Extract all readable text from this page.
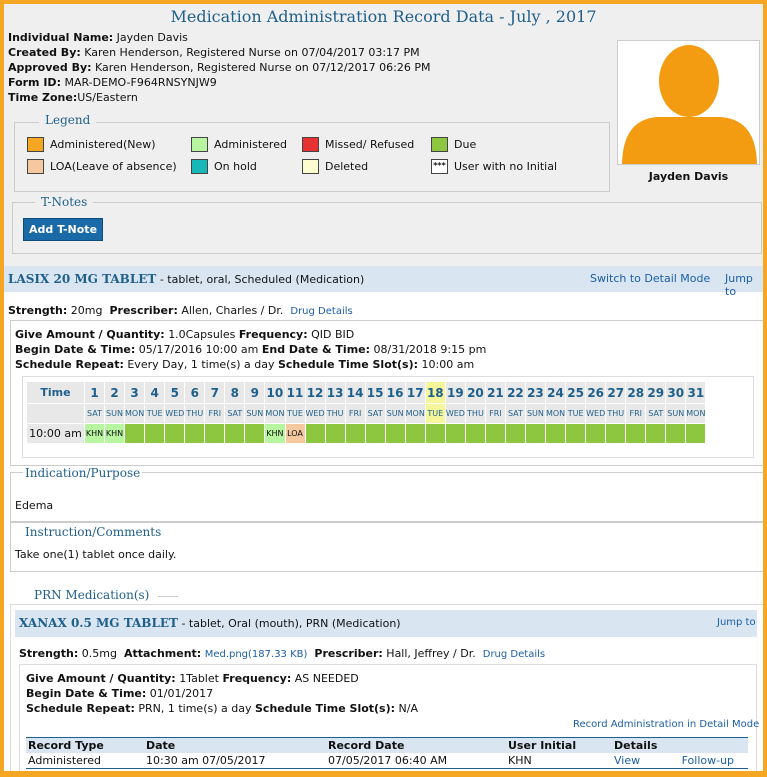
Medication Administration Record Data - July , 2017
Individual Name: Jayden Davis
Created By: Karen Henderson, Registered Nurse on 07/04/2017 03:17 PM
Approved By: Karen Henderson, Registered Nurse on 07/12/2017 06:26 PM
Form ID: MAR-DEMO-F964RNSYNJW9
Time Zone:US/Eastern
Legend
Administered(New)	Administered	Missed/ Refused	Due
LOA(Leave of absence)	On hold	Deleted	*** User with no Initial
Jayden Davis
T-Notes
Add T-Note
LASIX 20 MG TABLET - tablet, oral, Scheduled (Medication)	Switch to Detail Mode Jump to
Strength: 20mg Prescriber: Allen, Charles / Dr. Drug Details
Give Amount / Quantity: 1.0Capsules Frequency: QID BID
Begin Date & Time: 05/17/2016 10:00 am End Date & Time: 08/31/2018 9:15 pm
Schedule Repeat: Every Day, 1 time(s) a day Schedule Time Slot(s): 10:00 am
Time	1	2	3	4	5	6	7	8	9	10	11	12	13	14	15	16	17	18	19	20	21	22	23	24	25	26	27	28	29	30	31
	SAT	SUN	MON	TUE	WED	THU	FRI	SAT	SUN	MON	TUE	WED	THU	FRI	SAT	SUN	MON	TUE	WED	THU	FRI	SAT	SUN	MON	TUE	WED	THU	FRI	SAT	SUN	MON
10:00 am	KHN	KHN								KHN	LOA																				
Indication/Purpose
Edema
Instruction/Comments
Take one(1) tablet once daily.
PRN Medication(s)
XANAX 0.5 MG TABLET - tablet, Oral (mouth), PRN (Medication)	Jump to
Strength: 0.5mg Attachment: Med.png(187.33 KB) Prescriber: Hall, Jeffrey / Dr. Drug Details
Give Amount / Quantity: 1Tablet Frequency: AS NEEDED
Begin Date & Time: 01/01/2017
Schedule Repeat: PRN, 1 time(s) a day Schedule Time Slot(s): N/A
Record Administration in Detail Mode
Record Type	Date	Record Date	User Initial	Details
Administered	10:30 am 07/05/2017	07/05/2017 06:40 AM	KHN	View Follow-up
